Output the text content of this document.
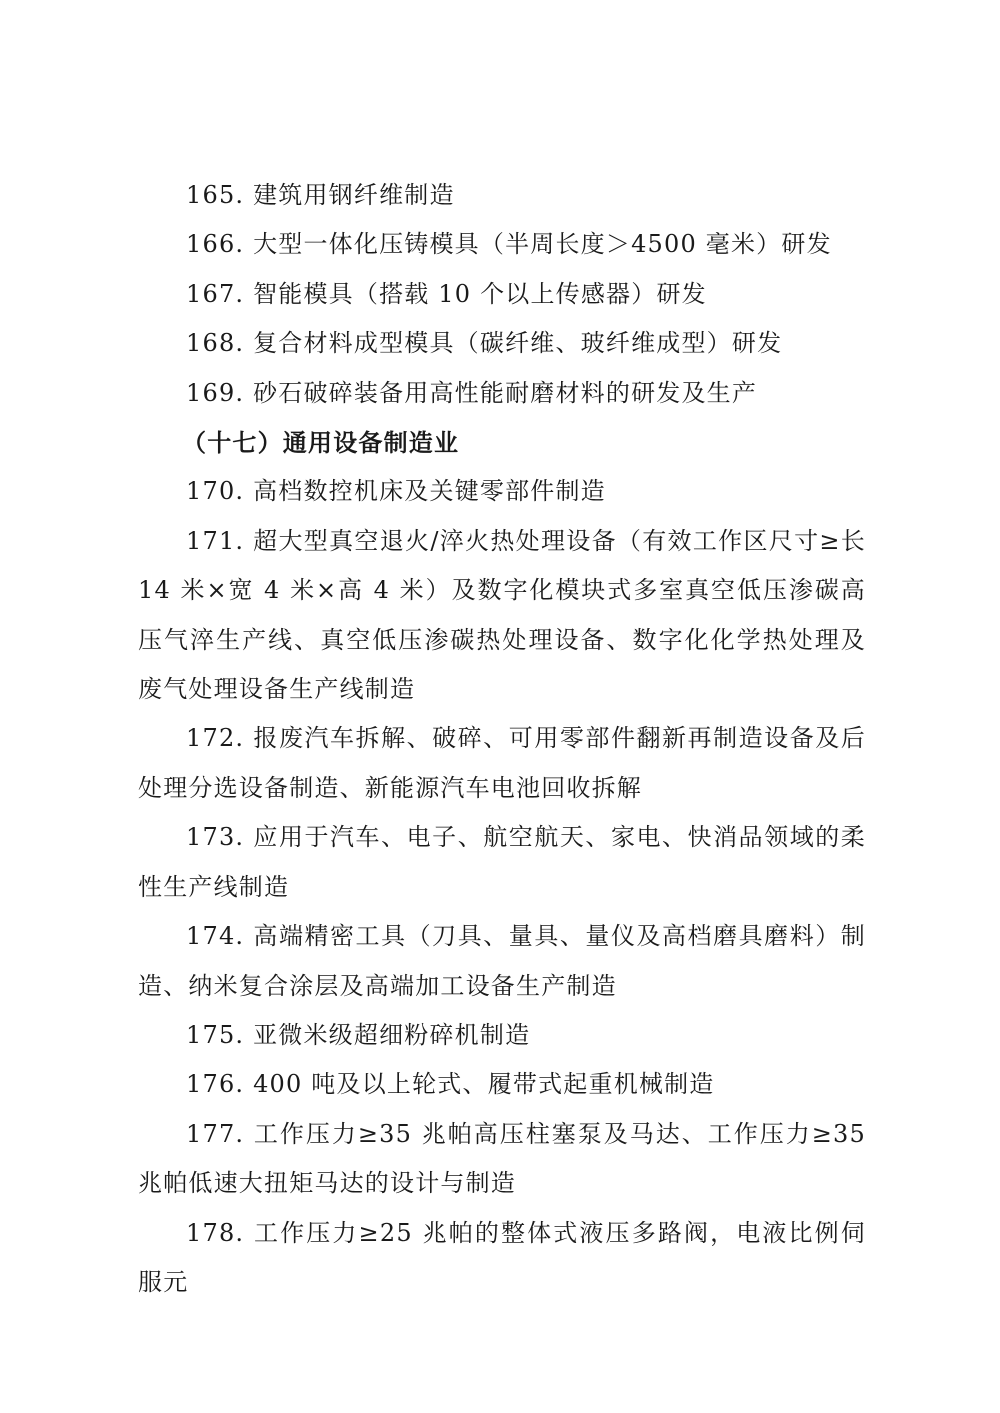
165. 建筑用钢纤维制造

166. 大型一体化压铸模具（半周长度＞4500 毫米）研发

167. 智能模具（搭载 10 个以上传感器）研发

168. 复合材料成型模具（碳纤维、玻纤维成型）研发

169. 砂石破碎装备用高性能耐磨材料的研发及生产

（十七）通用设备制造业

170. 高档数控机床及关键零部件制造

171. 超大型真空退火/淬火热处理设备（有效工作区尺寸≥长 14 米×宽 4 米×高 4 米）及数字化模块式多室真空低压渗碳高压气淬生产线、真空低压渗碳热处理设备、数字化化学热处理及废气处理设备生产线制造

172. 报废汽车拆解、破碎、可用零部件翻新再制造设备及后处理分选设备制造、新能源汽车电池回收拆解

173. 应用于汽车、电子、航空航天、家电、快消品领域的柔性生产线制造

174. 高端精密工具（刀具、量具、量仪及高档磨具磨料）制造、纳米复合涂层及高端加工设备生产制造

175. 亚微米级超细粉碎机制造

176. 400 吨及以上轮式、履带式起重机械制造

177. 工作压力≥35 兆帕高压柱塞泵及马达、工作压力≥35 兆帕低速大扭矩马达的设计与制造

178. 工作压力≥25 兆帕的整体式液压多路阀，电液比例伺服元
